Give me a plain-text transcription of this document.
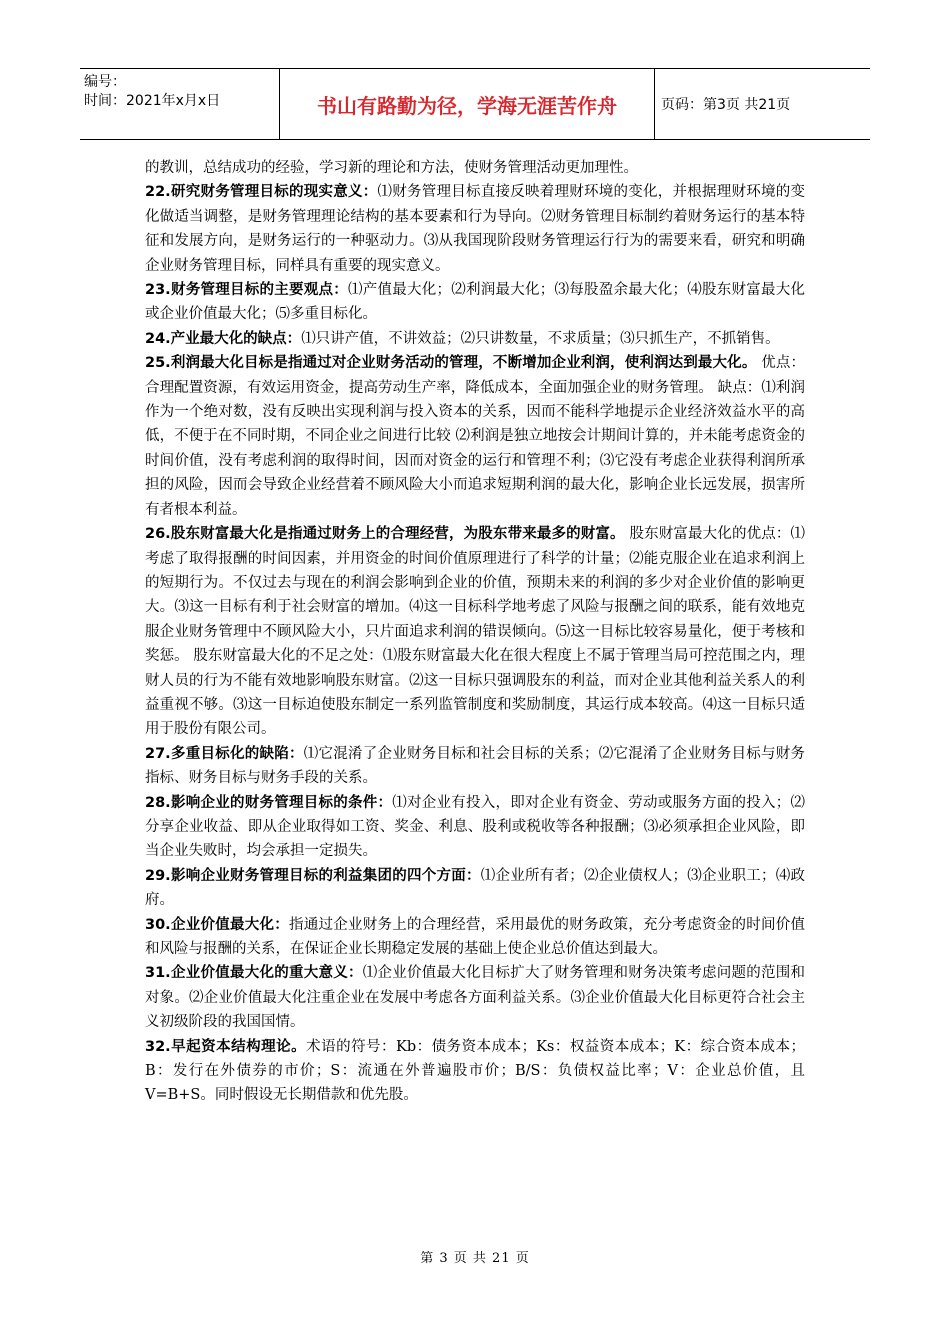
编号：
时间：2021年x月x日	书山有路勤为径，学海无涯苦作舟	页码：第3页 共21页

的教训，总结成功的经验，学习新的理论和方法，使财务管理活动更加理性。

22.研究财务管理目标的现实意义：⑴财务管理目标直接反映着理财环境的变化，并根据理财环境的变化做适当调整，是财务管理理论结构的基本要素和行为导向。⑵财务管理目标制约着财务运行的基本特征和发展方向，是财务运行的一种驱动力。⑶从我国现阶段财务管理运行行为的需要来看，研究和明确企业财务管理目标，同样具有重要的现实意义。

23.财务管理目标的主要观点：⑴产值最大化；⑵利润最大化；⑶每股盈余最大化；⑷股东财富最大化或企业价值最大化；⑸多重目标化。

24.产业最大化的缺点：⑴只讲产值，不讲效益；⑵只讲数量，不求质量；⑶只抓生产，不抓销售。

25.利润最大化目标是指通过对企业财务活动的管理，不断增加企业利润，使利润达到最大化。 优点：合理配置资源，有效运用资金，提高劳动生产率，降低成本，全面加强企业的财务管理。 缺点：⑴利润作为一个绝对数，没有反映出实现利润与投入资本的关系，因而不能科学地提示企业经济效益水平的高低，不便于在不同时期，不同企业之间进行比较 ⑵利润是独立地按会计期间计算的，并未能考虑资金的时间价值，没有考虑利润的取得时间，因而对资金的运行和管理不利；⑶它没有考虑企业获得利润所承担的风险，因而会导致企业经营着不顾风险大小而追求短期利润的最大化，影响企业长远发展，损害所有者根本利益。

26.股东财富最大化是指通过财务上的合理经营，为股东带来最多的财富。 股东财富最大化的优点：⑴考虑了取得报酬的时间因素，并用资金的时间价值原理进行了科学的计量；⑵能克服企业在追求利润上的短期行为。不仅过去与现在的利润会影响到企业的价值，预期未来的利润的多少对企业价值的影响更大。⑶这一目标有利于社会财富的增加。⑷这一目标科学地考虑了风险与报酬之间的联系，能有效地克服企业财务管理中不顾风险大小，只片面追求利润的错误倾向。⑸这一目标比较容易量化，便于考核和奖惩。 股东财富最大化的不足之处：⑴股东财富最大化在很大程度上不属于管理当局可控范围之内，理财人员的行为不能有效地影响股东财富。⑵这一目标只强调股东的利益，而对企业其他利益关系人的利益重视不够。⑶这一目标迫使股东制定一系列监管制度和奖励制度，其运行成本较高。⑷这一目标只适用于股份有限公司。

27.多重目标化的缺陷：⑴它混淆了企业财务目标和社会目标的关系；⑵它混淆了企业财务目标与财务指标、财务目标与财务手段的关系。

28.影响企业的财务管理目标的条件：⑴对企业有投入，即对企业有资金、劳动或服务方面的投入；⑵分享企业收益、即从企业取得如工资、奖金、利息、股利或税收等各种报酬；⑶必须承担企业风险，即当企业失败时，均会承担一定损失。

29.影响企业财务管理目标的利益集团的四个方面：⑴企业所有者；⑵企业债权人；⑶企业职工；⑷政府。

30.企业价值最大化：指通过企业财务上的合理经营，采用最优的财务政策，充分考虑资金的时间价值和风险与报酬的关系，在保证企业长期稳定发展的基础上使企业总价值达到最大。

31.企业价值最大化的重大意义：⑴企业价值最大化目标扩大了财务管理和财务决策考虑问题的范围和对象。⑵企业价值最大化注重企业在发展中考虑各方面利益关系。⑶企业价值最大化目标更符合社会主义初级阶段的我国国情。

32.早起资本结构理论。术语的符号：Kb：债务资本成本；Ks：权益资本成本；K：综合资本成本；B：发行在外债券的市价；S：流通在外普遍股市价；B/S：负债权益比率；V：企业总价值，且V=B+S。同时假设无长期借款和优先股。

第 3 页 共 21 页
